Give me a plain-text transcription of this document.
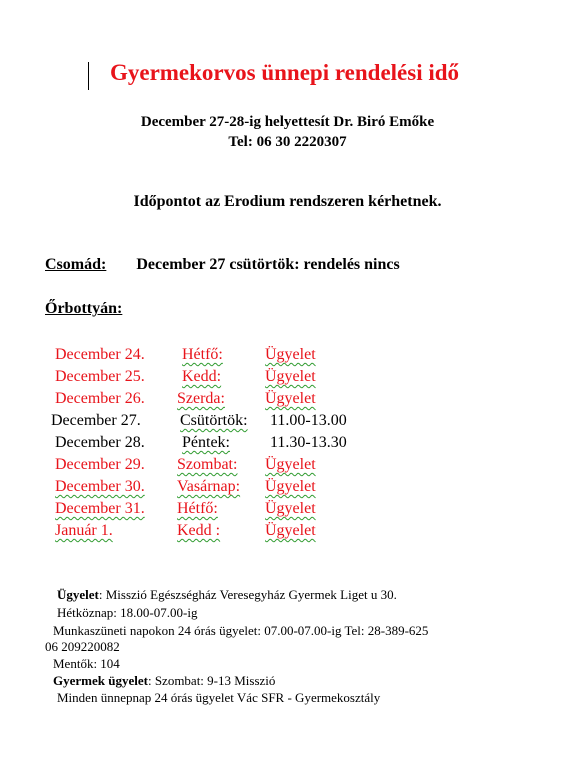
Gyermekorvos ünnepi rendelési idő
December 27-28-ig helyettesít Dr. Biró Emőke
Tel: 06 30 2220307
Időpontot az Erodium rendszeren kérhetnek.
Csomád: December 27 csütörtök: rendelés nincs
Őrbottyán:
December 24. Hétfő:	Ügyelet
December 25. Kedd:	Ügyelet
December 26. Szerda:	Ügyelet
December 27. Csütörtök: 11.00-13.00
December 28. Péntek:	11.30-13.30
December 29. Szombat: Ügyelet
December 30. Vasárnap: Ügyelet
December 31. Hétfő:	Ügyelet
Január 1.	Kedd :	Ügyelet
Ügyelet: Misszió Egészségház Veresegyház Gyermek Liget u 30.
Hétköznap: 18.00-07.00-ig
Munkaszüneti napokon 24 órás ügyelet: 07.00-07.00-ig Tel: 28-389-625
06 209220082
Mentők: 104
Gyermek ügyelet: Szombat: 9-13 Misszió
Minden ünnepnap 24 órás ügyelet Vác SFR - Gyermekosztály
